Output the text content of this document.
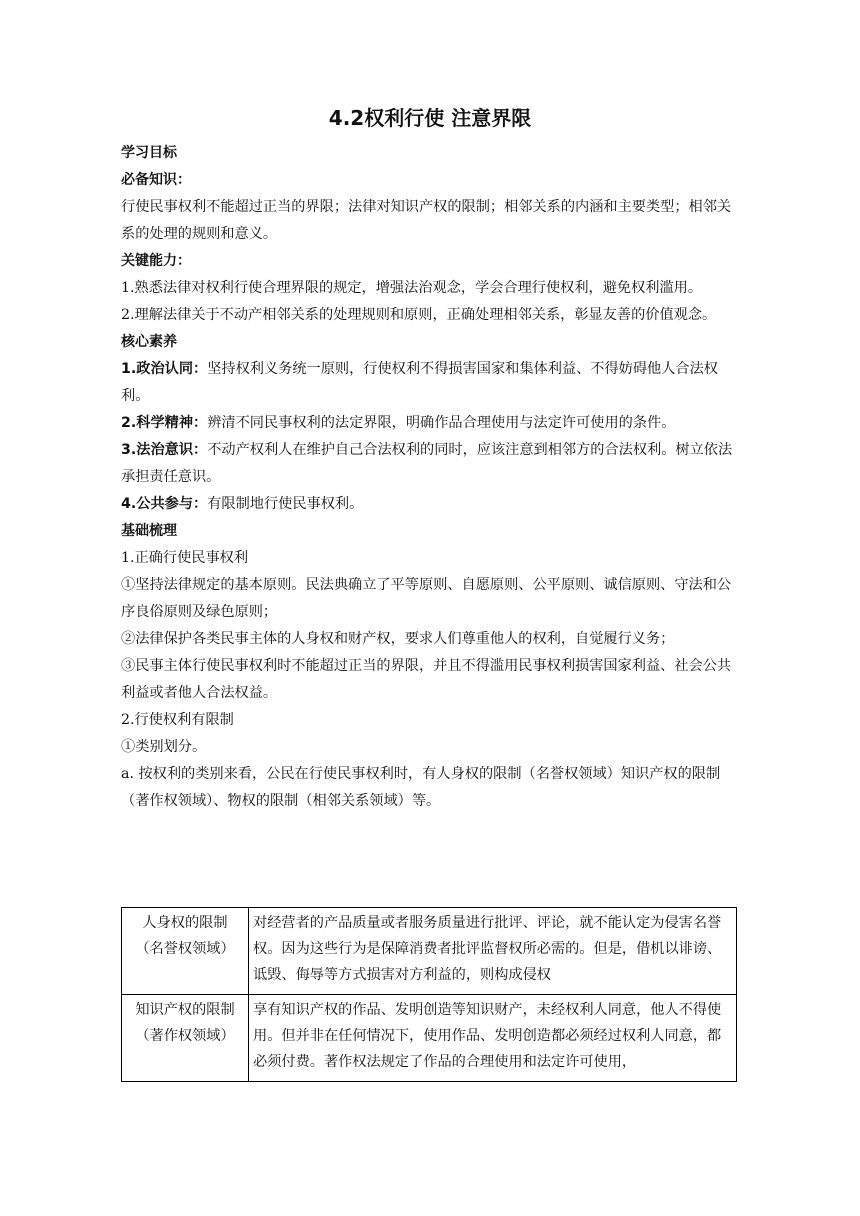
4.2权利行使 注意界限

学习目标

必备知识：

行使民事权利不能超过正当的界限；法律对知识产权的限制；相邻关系的内涵和主要类型；相邻关系的处理的规则和意义。

关键能力：

1.熟悉法律对权利行使合理界限的规定，增强法治观念，学会合理行使权利，避免权利滥用。

2.理解法律关于不动产相邻关系的处理规则和原则，正确处理相邻关系，彰显友善的价值观念。

核心素养

1.政治认同：坚持权利义务统一原则，行使权利不得损害国家和集体利益、不得妨碍他人合法权利。

2.科学精神：辨清不同民事权利的法定界限，明确作品合理使用与法定许可使用的条件。

3.法治意识：不动产权利人在维护自己合法权利的同时，应该注意到相邻方的合法权利。树立依法承担责任意识。

4.公共参与：有限制地行使民事权利。

基础梳理

1.正确行使民事权利

①坚持法律规定的基本原则。民法典确立了平等原则、自愿原则、公平原则、诚信原则、守法和公序良俗原则及绿色原则；

②法律保护各类民事主体的人身权和财产权，要求人们尊重他人的权利，自觉履行义务；

③民事主体行使民事权利时不能超过正当的界限，并且不得滥用民事权利损害国家利益、社会公共利益或者他人合法权益。

2.行使权利有限制

①类别划分。

a. 按权利的类别来看，公民在行使民事权利时，有人身权的限制（名誉权领域）知识产权的限制（著作权领域）、物权的限制（相邻关系领域）等。

人身权的限制
（名誉权领域）	对经营者的产品质量或者服务质量进行批评、评论，就不能认定为侵害名誉权。因为这些行为是保障消费者批评监督权所必需的。但是，借机以诽谤、诋毁、侮辱等方式损害对方利益的，则构成侵权

知识产权的限制
（著作权领域）	享有知识产权的作品、发明创造等知识财产，未经权利人同意，他人不得使用。但并非在任何情况下，使用作品、发明创造都必须经过权利人同意，都必须付费。著作权法规定了作品的合理使用和法定许可使用，
